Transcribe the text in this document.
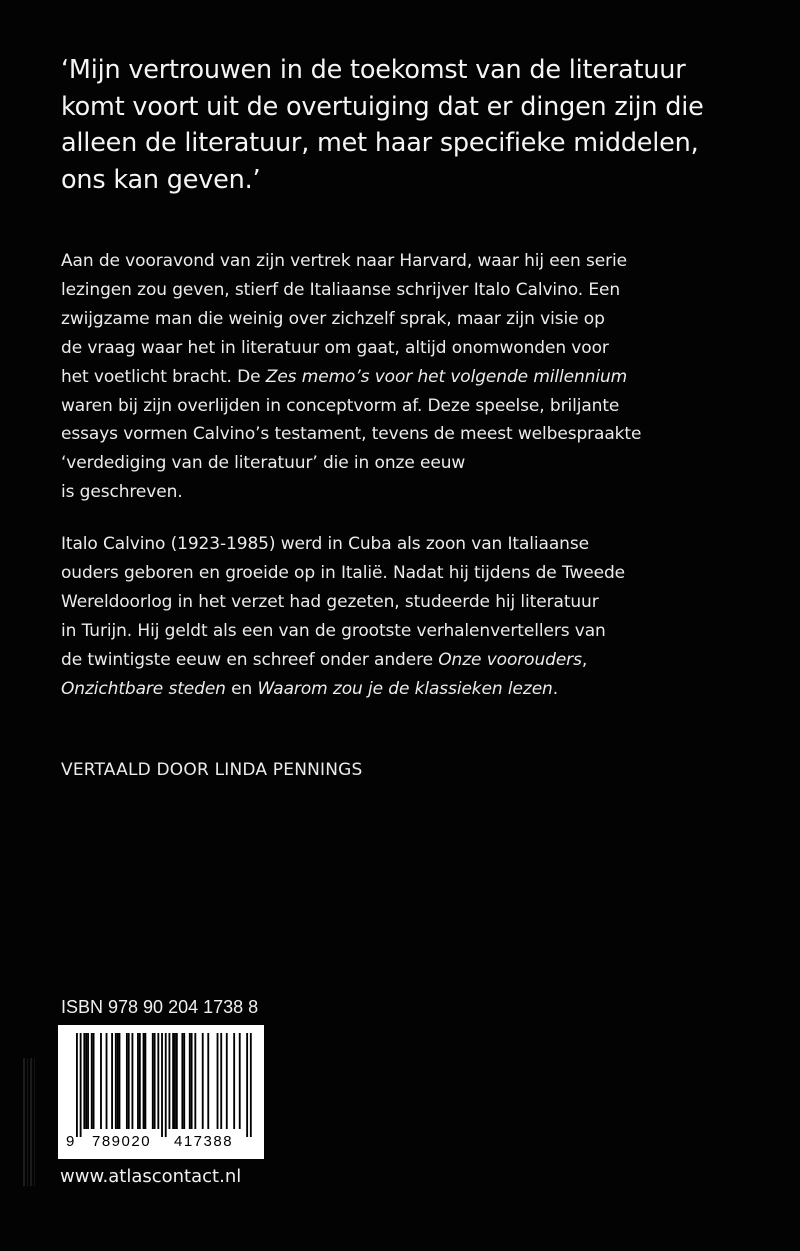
‘Mijn vertrouwen in de toekomst van de literatuur
komt voort uit de overtuiging dat er dingen zijn die
alleen de literatuur, met haar specifieke middelen,
ons kan geven.’
Aan de vooravond van zijn vertrek naar Harvard, waar hij een serie
lezingen zou geven, stierf de Italiaanse schrijver Italo Calvino. Een
zwijgzame man die weinig over zichzelf sprak, maar zijn visie op
de vraag waar het in literatuur om gaat, altijd onomwonden voor
het voetlicht bracht. De Zes memo’s voor het volgende millennium
waren bij zijn overlijden in conceptvorm af. Deze speelse, briljante
essays vormen Calvino’s testament, tevens de meest welbespraakte
‘verdediging van de literatuur’ die in onze eeuw
is geschreven.
Italo Calvino (1923-1985) werd in Cuba als zoon van Italiaanse
ouders geboren en groeide op in Italië. Nadat hij tijdens de Tweede
Wereldoorlog in het verzet had gezeten, studeerde hij literatuur
in Turijn. Hij geldt als een van de grootste verhalenvertellers van
de twintigste eeuw en schreef onder andere Onze voorouders,
Onzichtbare steden en Waarom zou je de klassieken lezen.
VERTAALD DOOR LINDA PENNINGS
ISBN 978 90 204 1738 8
9 789020 417388
www.atlascontact.nl
